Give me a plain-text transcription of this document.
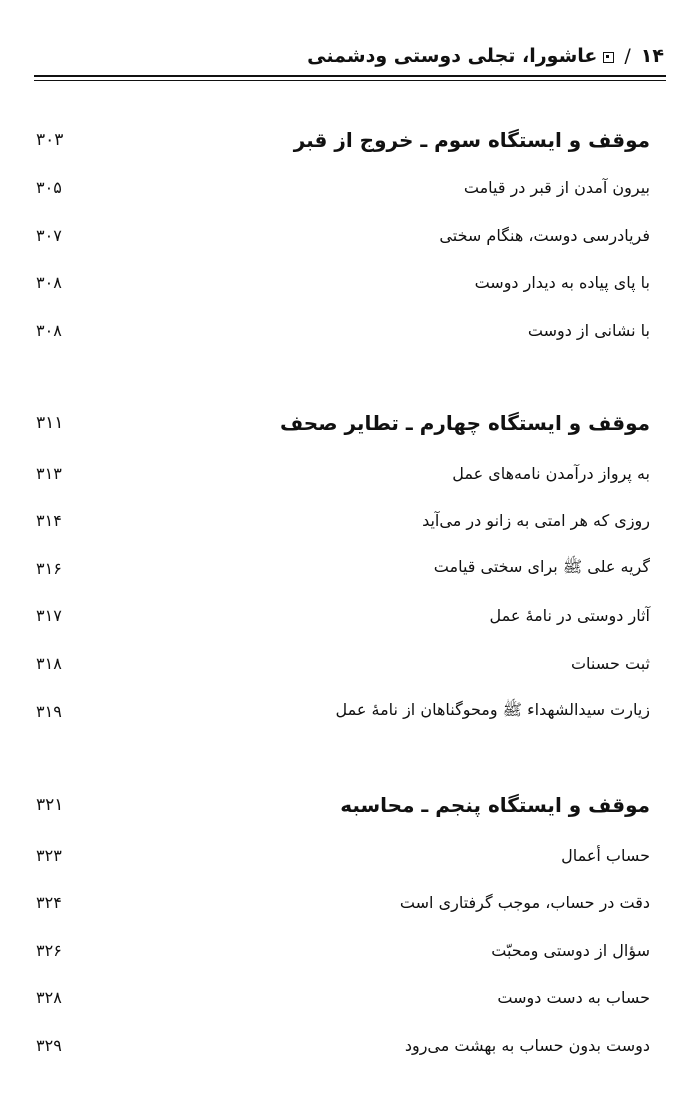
۱۴
/
عاشورا، تجلی دوستی ودشمنی
موقف و ایستگاه سوم ـ خروج از قبر
۳۰۳
بیرون آمدن از قبر در قیامت
۳۰۵
فریادرسی دوست، هنگام سختی
۳۰۷
با پای پیاده به دیدار دوست
۳۰۸
با نشانی از دوست
۳۰۸
موقف و ایستگاه چهارم ـ تطایر صحف
۳۱۱
به پرواز درآمدن نامه‌های عمل
۳۱۳
روزی که هر امتی به زانو در می‌آید
۳۱۴
گریه علی ﷺ برای سختی قیامت
۳۱۶
آثار دوستی در نامۀ عمل
۳۱۷
ثبت حسنات
۳۱۸
زیارت سیدالشهداء ﷺ ومحوگناهان از نامۀ عمل
۳۱۹
موقف و ایستگاه پنجم ـ محاسبه
۳۲۱
حساب أعمال
۳۲۳
دقت در حساب، موجب گرفتاری است
۳۲۴
سؤال از دوستی ومحبّت
۳۲۶
حساب به دست دوست
۳۲۸
دوست بدون حساب به بهشت می‌رود
۳۲۹
